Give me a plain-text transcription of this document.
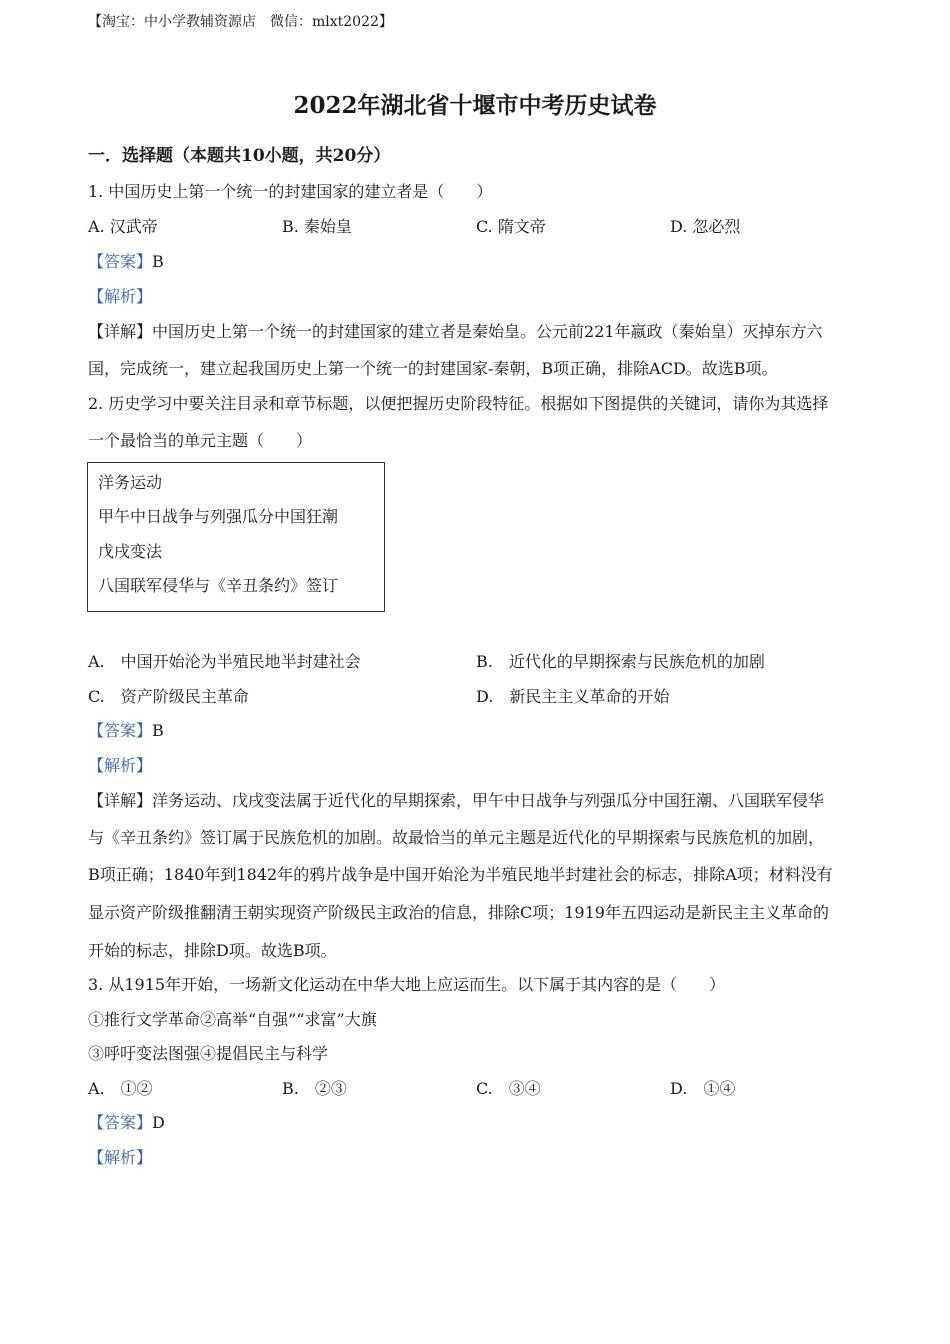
【淘宝：中小学教辅资源店　微信：mlxt2022】
2022年湖北省十堰市中考历史试卷
一．选择题（本题共10小题，共20分）
1. 中国历史上第一个统一的封建国家的建立者是（　　）
A. 汉武帝	B. 秦始皇	C. 隋文帝	D. 忽必烈
【答案】B
【解析】
【详解】中国历史上第一个统一的封建国家的建立者是秦始皇。公元前221年嬴政（秦始皇）灭掉东方六
国，完成统一，建立起我国历史上第一个统一的封建国家-秦朝，B项正确，排除ACD。故选B项。
2. 历史学习中要关注目录和章节标题，以便把握历史阶段特征。根据如下图提供的关键词，请你为其选择
一个最恰当的单元主题（　　）
洋务运动
甲午中日战争与列强瓜分中国狂潮
戊戌变法
八国联军侵华与《辛丑条约》签订
A.　中国开始沦为半殖民地半封建社会	B.　近代化的早期探索与民族危机的加剧
C.　资产阶级民主革命	D.　新民主主义革命的开始
【答案】B
【解析】
【详解】洋务运动、戊戌变法属于近代化的早期探索，甲午中日战争与列强瓜分中国狂潮、八国联军侵华
与《辛丑条约》签订属于民族危机的加剧。故最恰当的单元主题是近代化的早期探索与民族危机的加剧，
B项正确；1840年到1842年的鸦片战争是中国开始沦为半殖民地半封建社会的标志，排除A项；材料没有
显示资产阶级推翻清王朝实现资产阶级民主政治的信息，排除C项；1919年五四运动是新民主主义革命的
开始的标志，排除D项。故选B项。
3. 从1915年开始，一场新文化运动在中华大地上应运而生。以下属于其内容的是（　　）
①推行文学革命②高举“自强”“求富”大旗
③呼吁变法图强④提倡民主与科学
A.　①②	B.　②③	C.　③④	D.　①④
【答案】D
【解析】
